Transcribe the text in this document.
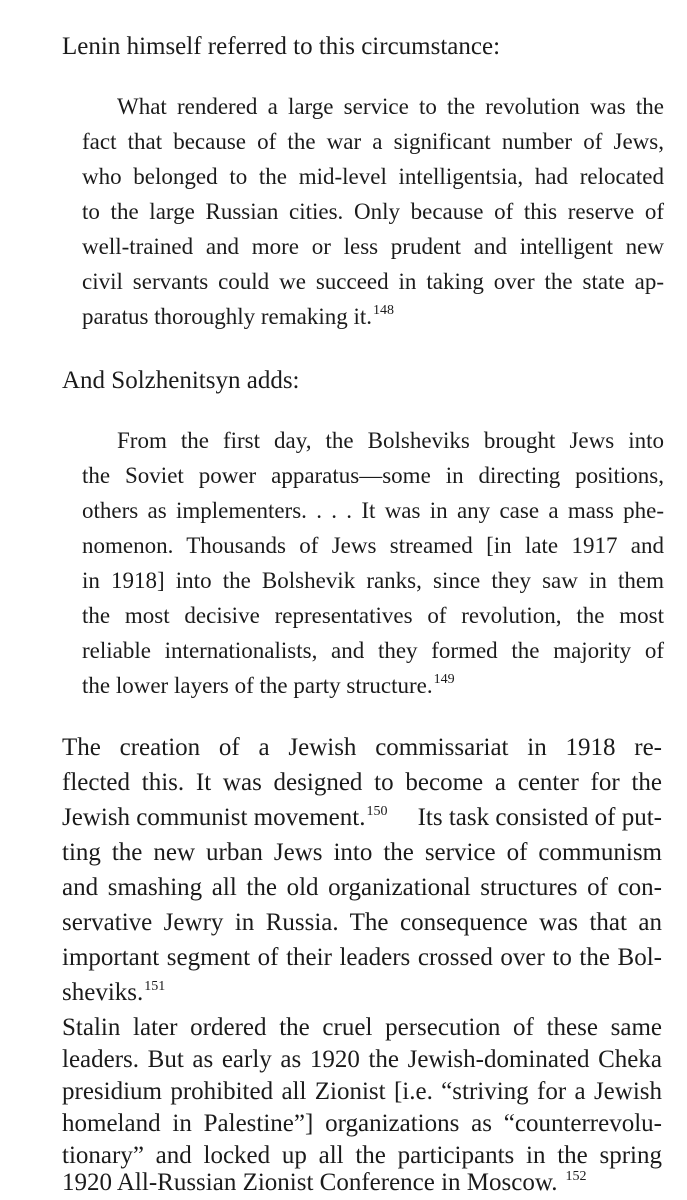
Lenin himself referred to this circumstance:
What rendered a large service to the revolution was the
fact that because of the war a significant number of Jews,
who belonged to the mid-level intelligentsia, had relocated
to the large Russian cities. Only because of this reserve of
well-trained and more or less prudent and intelligent new
civil servants could we succeed in taking over the state ap-
paratus thoroughly remaking it.$^{148}$
And Solzhenitsyn adds:
From the first day, the Bolsheviks brought Jews into
the Soviet power apparatus—some in directing positions,
others as implementers. . . . It was in any case a mass phe-
nomenon. Thousands of Jews streamed [in late 1917 and
in 1918] into the Bolshevik ranks, since they saw in them
the most decisive representatives of revolution, the most
reliable internationalists, and they formed the majority of
the lower layers of the party structure.$^{149}$
The creation of a Jewish commissariat in 1918 re-
flected this. It was designed to become a center for the
Jewish communist movement.$^{150}$ Its task consisted of put-
ting the new urban Jews into the service of communism
and smashing all the old organizational structures of con-
servative Jewry in Russia. The consequence was that an
important segment of their leaders crossed over to the Bol-
sheviks.$^{151}$
Stalin later ordered the cruel persecution of these same
leaders. But as early as 1920 the Jewish-dominated Cheka
presidium prohibited all Zionist [i.e. “striving for a Jewish
homeland in Palestine”] organizations as “counterrevolu-
tionary” and locked up all the participants in the spring
1920 All-Russian Zionist Conference in Moscow. $^{152}$
